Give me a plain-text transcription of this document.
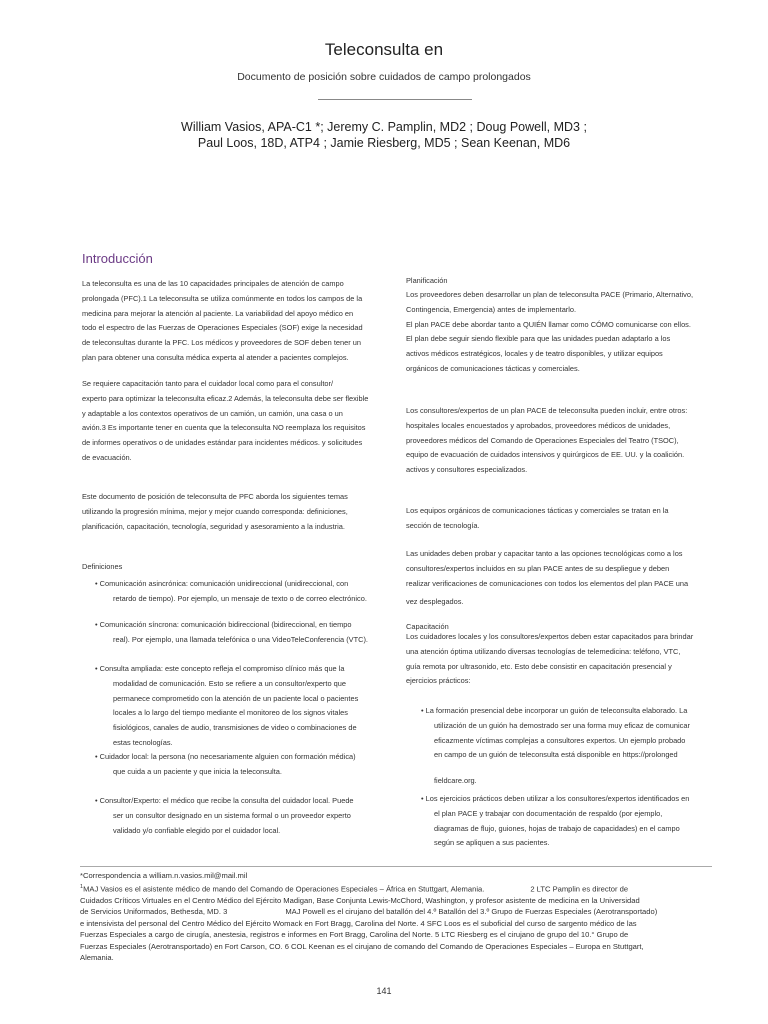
Teleconsulta en
Documento de posición sobre cuidados de campo prolongados
William Vasios, APA-C1 *; Jeremy C. Pamplin, MD2 ; Doug Powell, MD3 ;
Paul Loos, 18D, ATP4 ; Jamie Riesberg, MD5 ; Sean Keenan, MD6
Introducción
La teleconsulta es una de las 10 capacidades principales de atención de campo
prolongada (PFC).1 La teleconsulta se utiliza comúnmente en todos los campos de la
medicina para mejorar la atención al paciente. La variabilidad del apoyo médico en
todo el espectro de las Fuerzas de Operaciones Especiales (SOF) exige la necesidad
de teleconsultas durante la PFC. Los médicos y proveedores de SOF deben tener un
plan para obtener una consulta médica experta al atender a pacientes complejos.
Se requiere capacitación tanto para el cuidador local como para el consultor/
experto para optimizar la teleconsulta eficaz.2 Además, la teleconsulta debe ser flexible
y adaptable a los contextos operativos de un camión, un camión, una casa o un
avión.3 Es importante tener en cuenta que la teleconsulta NO reemplaza los requisitos
de informes operativos o de unidades estándar para incidentes médicos. y solicitudes
de evacuación.
Este documento de posición de teleconsulta de PFC aborda los siguientes temas
utilizando la progresión mínima, mejor y mejor cuando corresponda: definiciones,
planificación, capacitación, tecnología, seguridad y asesoramiento a la industria.
Definiciones
• Comunicación asincrónica: comunicación unidireccional (unidireccional, con
retardo de tiempo). Por ejemplo, un mensaje de texto o de correo electrónico.
• Comunicación síncrona: comunicación bidireccional (bidireccional, en tiempo
real). Por ejemplo, una llamada telefónica o una VideoTeleConferencia (VTC).
• Consulta ampliada: este concepto refleja el compromiso clínico más que la
modalidad de comunicación. Esto se refiere a un consultor/experto que
permanece comprometido con la atención de un paciente local o pacientes
locales a lo largo del tiempo mediante el monitoreo de los signos vitales
fisiológicos, canales de audio, transmisiones de video o combinaciones de
estas tecnologías.
• Cuidador local: la persona (no necesariamente alguien con formación médica)
que cuida a un paciente y que inicia la teleconsulta.
• Consultor/Experto: el médico que recibe la consulta del cuidador local. Puede
ser un consultor designado en un sistema formal o un proveedor experto
validado y/o confiable elegido por el cuidador local.
Planificación
Los proveedores deben desarrollar un plan de teleconsulta PACE (Primario, Alternativo,
Contingencia, Emergencia) antes de implementarlo.
El plan PACE debe abordar tanto a QUIÉN llamar como CÓMO comunicarse con ellos.
El plan debe seguir siendo flexible para que las unidades puedan adaptarlo a los
activos médicos estratégicos, locales y de teatro disponibles, y utilizar equipos
orgánicos de comunicaciones tácticas y comerciales.
Los consultores/expertos de un plan PACE de teleconsulta pueden incluir, entre otros:
hospitales locales encuestados y aprobados, proveedores médicos de unidades,
proveedores médicos del Comando de Operaciones Especiales del Teatro (TSOC),
equipo de evacuación de cuidados intensivos y quirúrgicos de EE. UU. y la coalición.
activos y consultores especializados.
Los equipos orgánicos de comunicaciones tácticas y comerciales se tratan en la
sección de tecnología.
Las unidades deben probar y capacitar tanto a las opciones tecnológicas como a los
consultores/expertos incluidos en su plan PACE antes de su despliegue y deben
realizar verificaciones de comunicaciones con todos los elementos del plan PACE una
vez desplegados.
Capacitación
Los cuidadores locales y los consultores/expertos deben estar capacitados para brindar
una atención óptima utilizando diversas tecnologías de telemedicina: teléfono, VTC,
guía remota por ultrasonido, etc. Esto debe consistir en capacitación presencial y
ejercicios prácticos:
• La formación presencial debe incorporar un guión de teleconsulta elaborado. La
utilización de un guión ha demostrado ser una forma muy eficaz de comunicar
eficazmente víctimas complejas a consultores expertos. Un ejemplo probado
en campo de un guión de teleconsulta está disponible en https://prolonged
fieldcare.org.
• Los ejercicios prácticos deben utilizar a los consultores/expertos identificados en
el plan PACE y trabajar con documentación de respaldo (por ejemplo,
diagramas de flujo, guiones, hojas de trabajo de capacidades) en el campo
según se apliquen a sus pacientes.
*Correspondencia a william.n.vasios.mil@mail.mil
$^1$MAJ Vasios es el asistente médico de mando del Comando de Operaciones Especiales – África en Stuttgart, Alemania.	2 LTC Pamplin es director de
Cuidados Críticos Virtuales en el Centro Médico del Ejército Madigan, Base Conjunta Lewis-McChord, Washington, y profesor asistente de medicina en la Universidad
de Servicios Uniformados, Bethesda, MD. 3	MAJ Powell es el cirujano del batallón del 4.º Batallón del 3.º Grupo de Fuerzas Especiales (Aerotransportado)
e intensivista del personal del Centro Médico del Ejército Womack en Fort Bragg, Carolina del Norte. 4 SFC Loos es el suboficial del curso de sargento médico de las
Fuerzas Especiales a cargo de cirugía, anestesia, registros e informes en Fort Bragg, Carolina del Norte. 5 LTC Riesberg es el cirujano de grupo del 10.° Grupo de
Fuerzas Especiales (Aerotransportado) en Fort Carson, CO. 6 COL Keenan es el cirujano de comando del Comando de Operaciones Especiales – Europa en Stuttgart,
Alemania.
141
